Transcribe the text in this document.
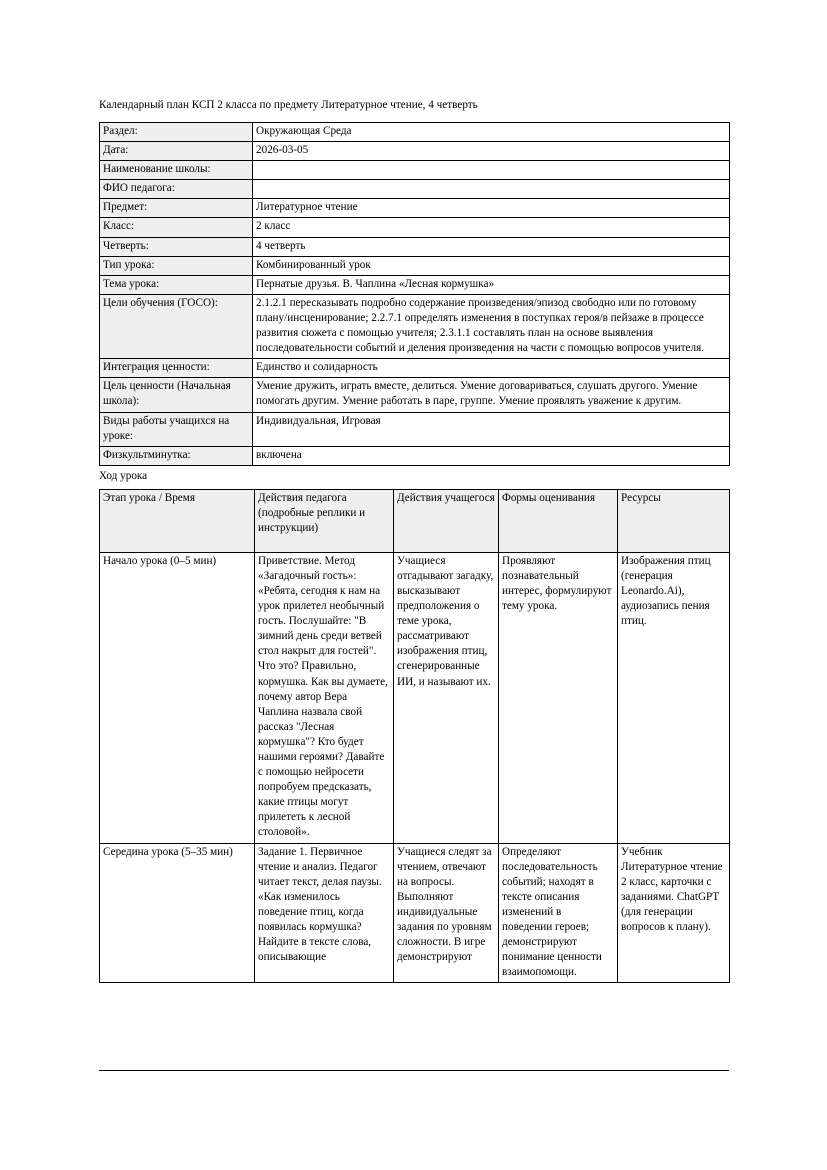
Календарный план КСП 2 класса по предмету Литературное чтение, 4 четверть

Раздел:	Окружающая Среда
Дата:	2026-03-05
Наименование школы:	
ФИО педагога:	
Предмет:	Литературное чтение
Класс:	2 класс
Четверть:	4 четверть
Тип урока:	Комбинированный урок
Тема урока:	Пернатые друзья. В. Чаплина «Лесная кормушка»
Цели обучения (ГОСО):	2.1.2.1 пересказывать подробно содержание произведения/эпизод свободно или по готовому плану/инсценирование; 2.2.7.1 определять изменения в поступках героя/в пейзаже в процессе развития сюжета с помощью учителя; 2.3.1.1 составлять план на основе выявления последовательности событий и деления произведения на части с помощью вопросов учителя.
Интеграция ценности:	Единство и солидарность
Цель ценности (Начальная школа):	Умение дружить, играть вместе, делиться. Умение договариваться, слушать другого. Умение помогать другим. Умение работать в паре, группе. Умение проявлять уважение к другим.
Виды работы учащихся на уроке:	Индивидуальная, Игровая
Физкультминутка:	включена

Ход урока

Этап урока / Время	Действия педагога (подробные реплики и инструкции)	Действия учащегося	Формы оценивания	Ресурсы
Начало урока (0–5 мин)	Приветствие. Метод «Загадочный гость»: «Ребята, сегодня к нам на урок прилетел необычный гость. Послушайте: "В зимний день среди ветвей стол накрыт для гостей". Что это? Правильно, кормушка. Как вы думаете, почему автор Вера Чаплина назвала свой рассказ "Лесная кормушка"? Кто будет нашими героями? Давайте с помощью нейросети попробуем предсказать, какие птицы могут прилететь к лесной столовой».	Учащиеся отгадывают загадку, высказывают предположения о теме урока, рассматривают изображения птиц, сгенерированные ИИ, и называют их.	Проявляют познавательный интерес, формулируют тему урока.	Изображения птиц (генерация Leonardo.Ai), аудиозапись пения птиц.
Середина урока (5–35 мин)	Задание 1. Первичное чтение и анализ. Педагог читает текст, делая паузы. «Как изменилось поведение птиц, когда появилась кормушка? Найдите в тексте слова, описывающие	Учащиеся следят за чтением, отвечают на вопросы. Выполняют индивидуальные задания по уровням сложности. В игре демонстрируют	Определяют последовательность событий; находят в тексте описания изменений в поведении героев; демонстрируют понимание ценности взаимопомощи.	Учебник Литературное чтение 2 класс, карточки с заданиями. ChatGPT (для генерации вопросов к плану).
